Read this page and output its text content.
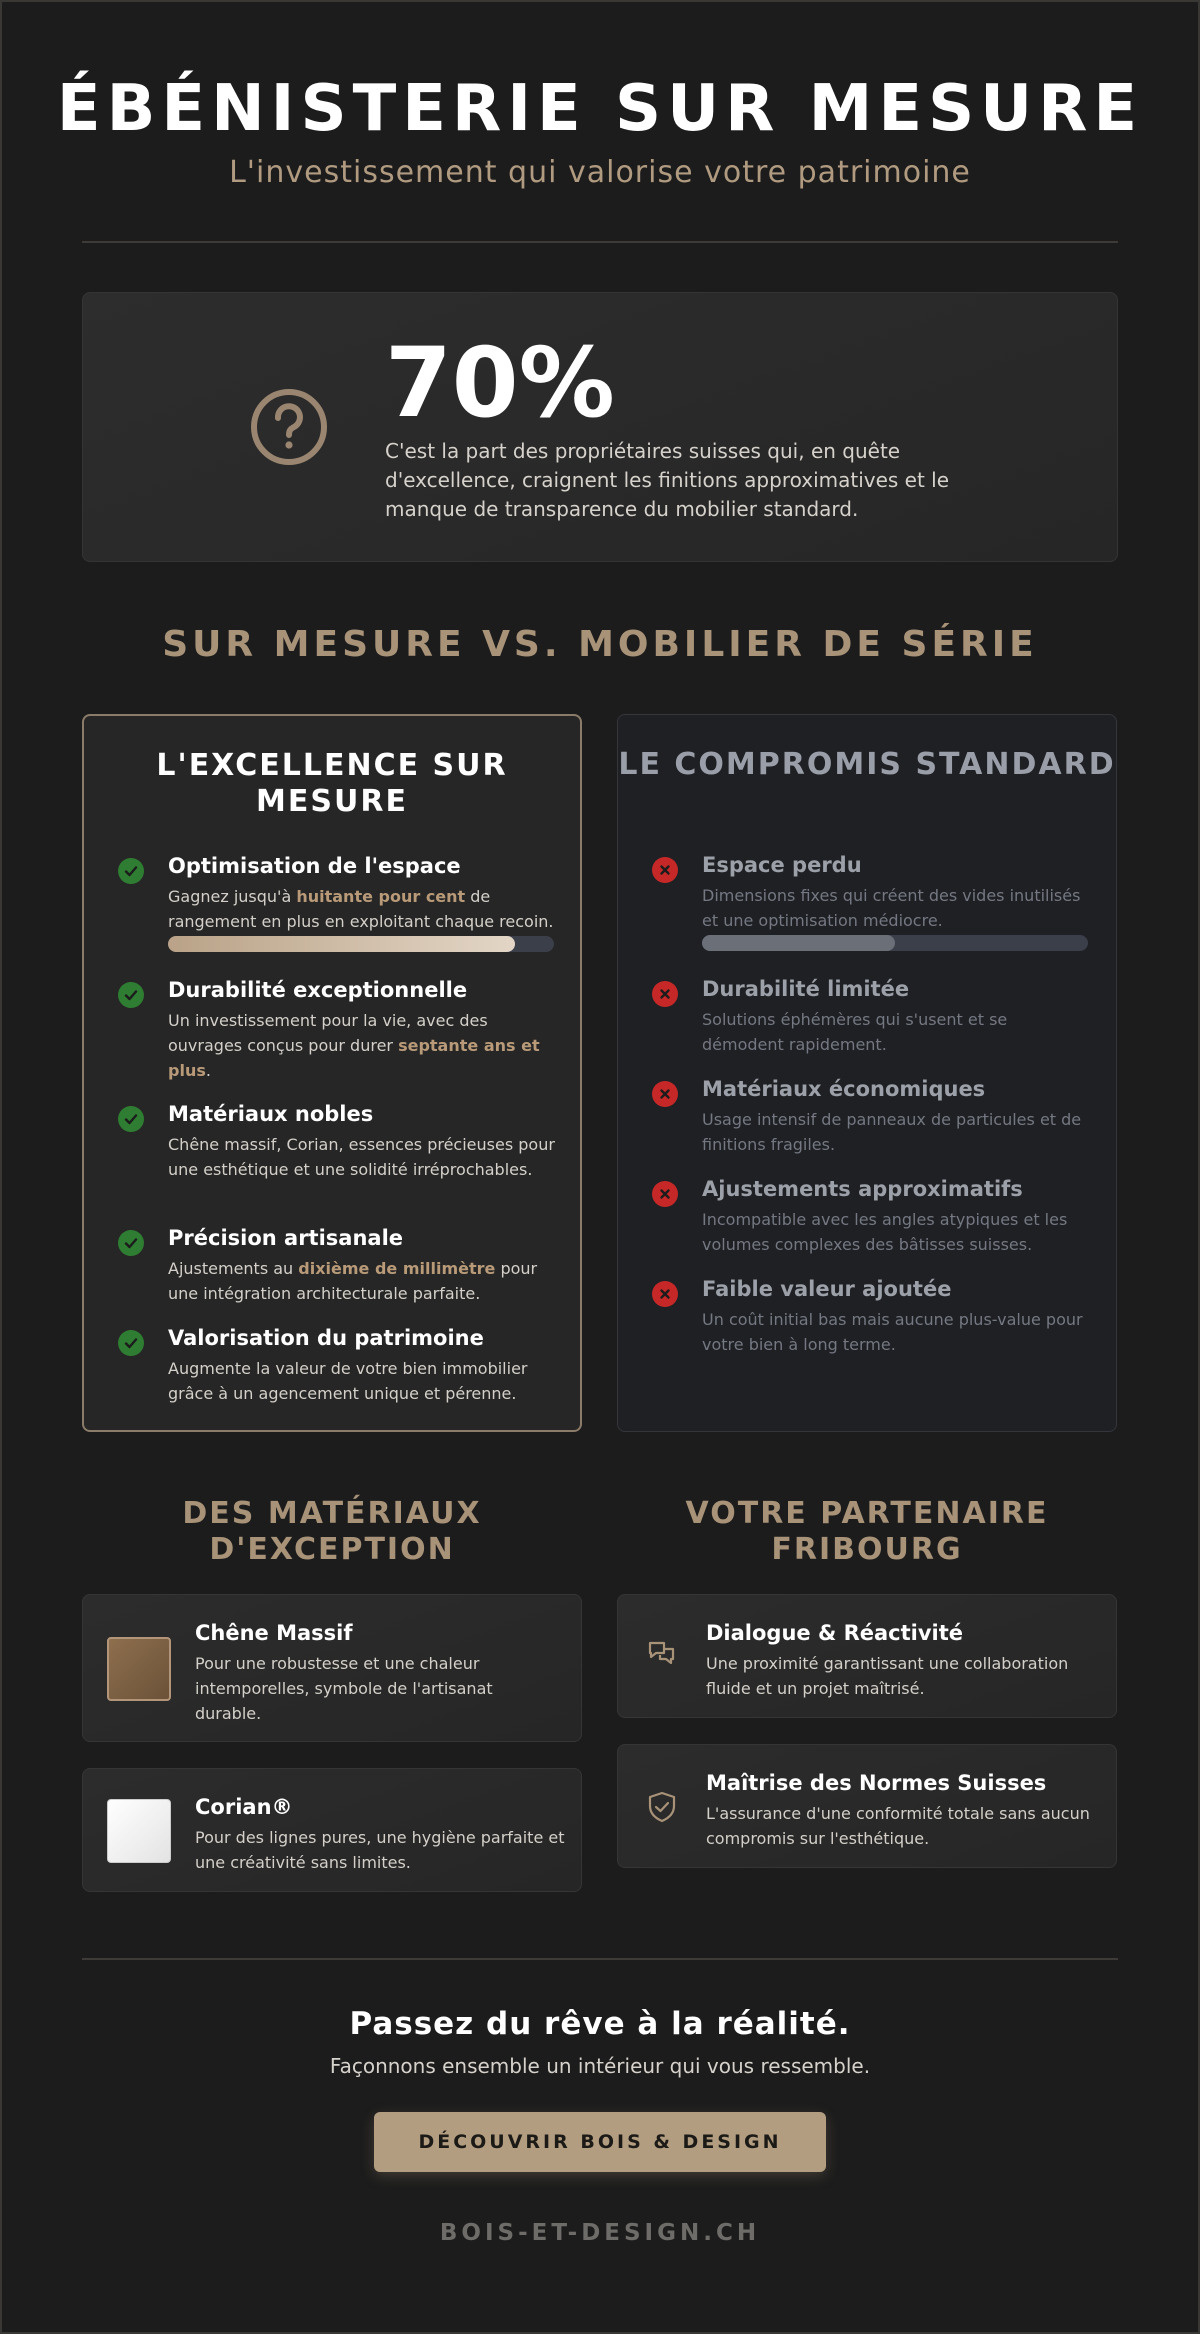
ÉBÉNISTERIE SUR MESURE
L'investissement qui valorise votre patrimoine
70%
C'est la part des propriétaires suisses qui, en quête d'excellence, craignent les finitions approximatives et le manque de transparence du mobilier standard.
SUR MESURE VS. MOBILIER DE SÉRIE
L'EXCELLENCE SUR MESURE
Optimisation de l'espace
Gagnez jusqu'à huitante pour cent de rangement en plus en exploitant chaque recoin.
Durabilité exceptionnelle
Un investissement pour la vie, avec des ouvrages conçus pour durer septante ans et plus.
Matériaux nobles
Chêne massif, Corian, essences précieuses pour une esthétique et une solidité irréprochables.
Précision artisanale
Ajustements au dixième de millimètre pour une intégration architecturale parfaite.
Valorisation du patrimoine
Augmente la valeur de votre bien immobilier grâce à un agencement unique et pérenne.
LE COMPROMIS STANDARD
Espace perdu
Dimensions fixes qui créent des vides inutilisés et une optimisation médiocre.
Durabilité limitée
Solutions éphémères qui s'usent et se démodent rapidement.
Matériaux économiques
Usage intensif de panneaux de particules et de finitions fragiles.
Ajustements approximatifs
Incompatible avec les angles atypiques et les volumes complexes des bâtisses suisses.
Faible valeur ajoutée
Un coût initial bas mais aucune plus-value pour votre bien à long terme.
DES MATÉRIAUX D'EXCEPTION
Chêne Massif
Pour une robustesse et une chaleur intemporelles, symbole de l'artisanat durable.
Corian®
Pour des lignes pures, une hygiène parfaite et une créativité sans limites.
VOTRE PARTENAIRE FRIBOURG
Dialogue & Réactivité
Une proximité garantissant une collaboration fluide et un projet maîtrisé.
Maîtrise des Normes Suisses
L'assurance d'une conformité totale sans aucun compromis sur l'esthétique.
Passez du rêve à la réalité.
Façonnons ensemble un intérieur qui vous ressemble.
DÉCOUVRIR BOIS & DESIGN
BOIS-ET-DESIGN.CH
